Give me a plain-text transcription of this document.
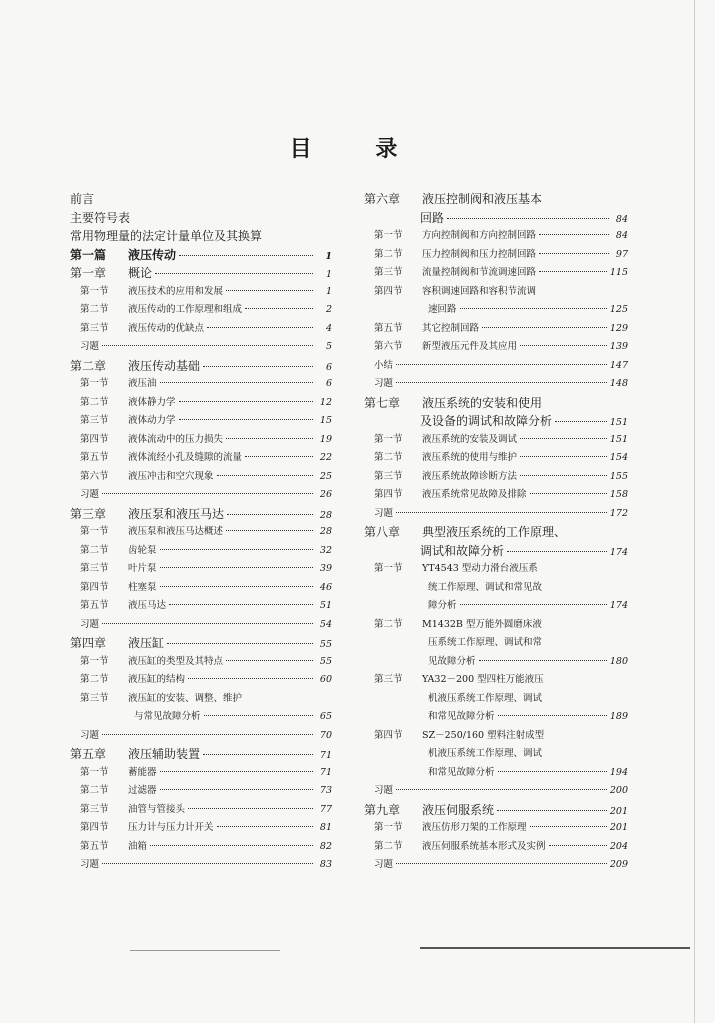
目 录
前言
主要符号表
常用物理量的法定计量单位及其换算
第一篇	液压传动	1
第一章	概论	1
第一节	液压技术的应用和发展	1
第二节	液压传动的工作原理和组成	2
第三节	液压传动的优缺点	4
习题	5
第二章	液压传动基础	6
第一节	液压油	6
第二节	液体静力学	12
第三节	液体动力学	15
第四节	液体流动中的压力损失	19
第五节	液体流经小孔及缝隙的流量	22
第六节	液压冲击和空穴现象	25
习题	26
第三章	液压泵和液压马达	28
第一节	液压泵和液压马达概述	28
第二节	齿轮泵	32
第三节	叶片泵	39
第四节	柱塞泵	46
第五节	液压马达	51
习题	54
第四章	液压缸	55
第一节	液压缸的类型及其特点	55
第二节	液压缸的结构	60
第三节	液压缸的安装、调整、维护
与常见故障分析	65
习题	70
第五章	液压辅助装置	71
第一节	蓄能器	71
第二节	过滤器	73
第三节	油管与管接头	77
第四节	压力计与压力计开关	81
第五节	油箱	82
习题	83
第六章	液压控制阀和液压基本
回路	84
第一节	方向控制阀和方向控制回路	84
第二节	压力控制阀和压力控制回路	97
第三节	流量控制阀和节流调速回路	115
第四节	容积调速回路和容积节流调
速回路	125
第五节	其它控制回路	129
第六节	新型液压元件及其应用	139
小结	147
习题	148
第七章	液压系统的安装和使用
及设备的调试和故障分析	151
第一节	液压系统的安装及调试	151
第二节	液压系统的使用与维护	154
第三节	液压系统故障诊断方法	155
第四节	液压系统常见故障及排除	158
习题	172
第八章	典型液压系统的工作原理、
调试和故障分析	174
第一节	YT4543 型动力滑台液压系
统工作原理、调试和常见故
障分析	174
第二节	M1432B 型万能外圆磨床液
压系统工作原理、调试和常
见故障分析	180
第三节	YA32－200 型四柱万能液压
机液压系统工作原理、调试
和常见故障分析	189
第四节	SZ－250/160 塑料注射成型
机液压系统工作原理、调试
和常见故障分析	194
习题	200
第九章	液压伺服系统	201
第一节	液压仿形刀架的工作原理	201
第二节	液压伺服系统基本形式及实例	204
习题	209
